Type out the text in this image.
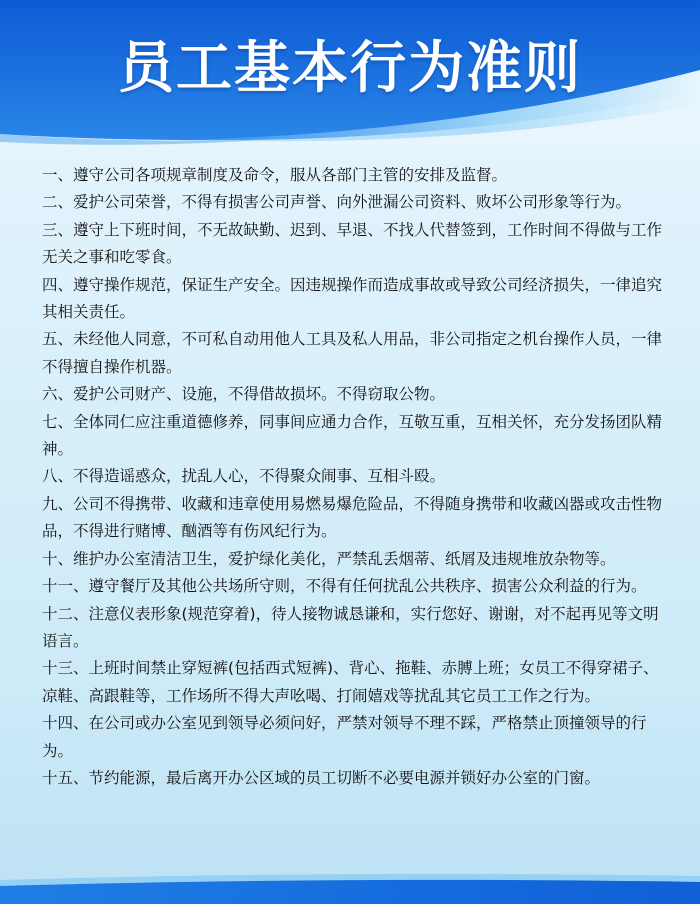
员工基本行为准则
一、遵守公司各项规章制度及命令，服从各部门主管的安排及监督。
二、爱护公司荣誉，不得有损害公司声誉、向外泄漏公司资料、败坏公司形象等行为。
三、遵守上下班时间，不无故缺勤、迟到、早退、不找人代替签到，工作时间不得做与工作无关之事和吃零食。
四、遵守操作规范，保证生产安全。因违规操作而造成事故或导致公司经济损失，一律追究其相关责任。
五、未经他人同意，不可私自动用他人工具及私人用品，非公司指定之机台操作人员，一律不得擅自操作机器。
六、爱护公司财产、设施，不得借故损坏。不得窃取公物。
七、全体同仁应注重道德修养，同事间应通力合作，互敬互重，互相关怀，充分发扬团队精神。
八、不得造谣惑众，扰乱人心，不得聚众闹事、互相斗殴。
九、公司不得携带、收藏和违章使用易燃易爆危险品，不得随身携带和收藏凶器或攻击性物品，不得进行赌博、酗酒等有伤风纪行为。
十、维护办公室清洁卫生，爱护绿化美化，严禁乱丢烟蒂、纸屑及违规堆放杂物等。
十一、遵守餐厅及其他公共场所守则，不得有任何扰乱公共秩序、损害公众利益的行为。
十二、注意仪表形象(规范穿着)，待人接物诚恳谦和，实行您好、谢谢，对不起再见等文明语言。
十三、上班时间禁止穿短裤(包括西式短裤)、背心、拖鞋、赤膊上班；女员工不得穿裙子、凉鞋、高跟鞋等，工作场所不得大声吆喝、打闹嬉戏等扰乱其它员工工作之行为。
十四、在公司或办公室见到领导必须问好，严禁对领导不理不踩，严格禁止顶撞领导的行为。
十五、节约能源，最后离开办公区域的员工切断不必要电源并锁好办公室的门窗。
